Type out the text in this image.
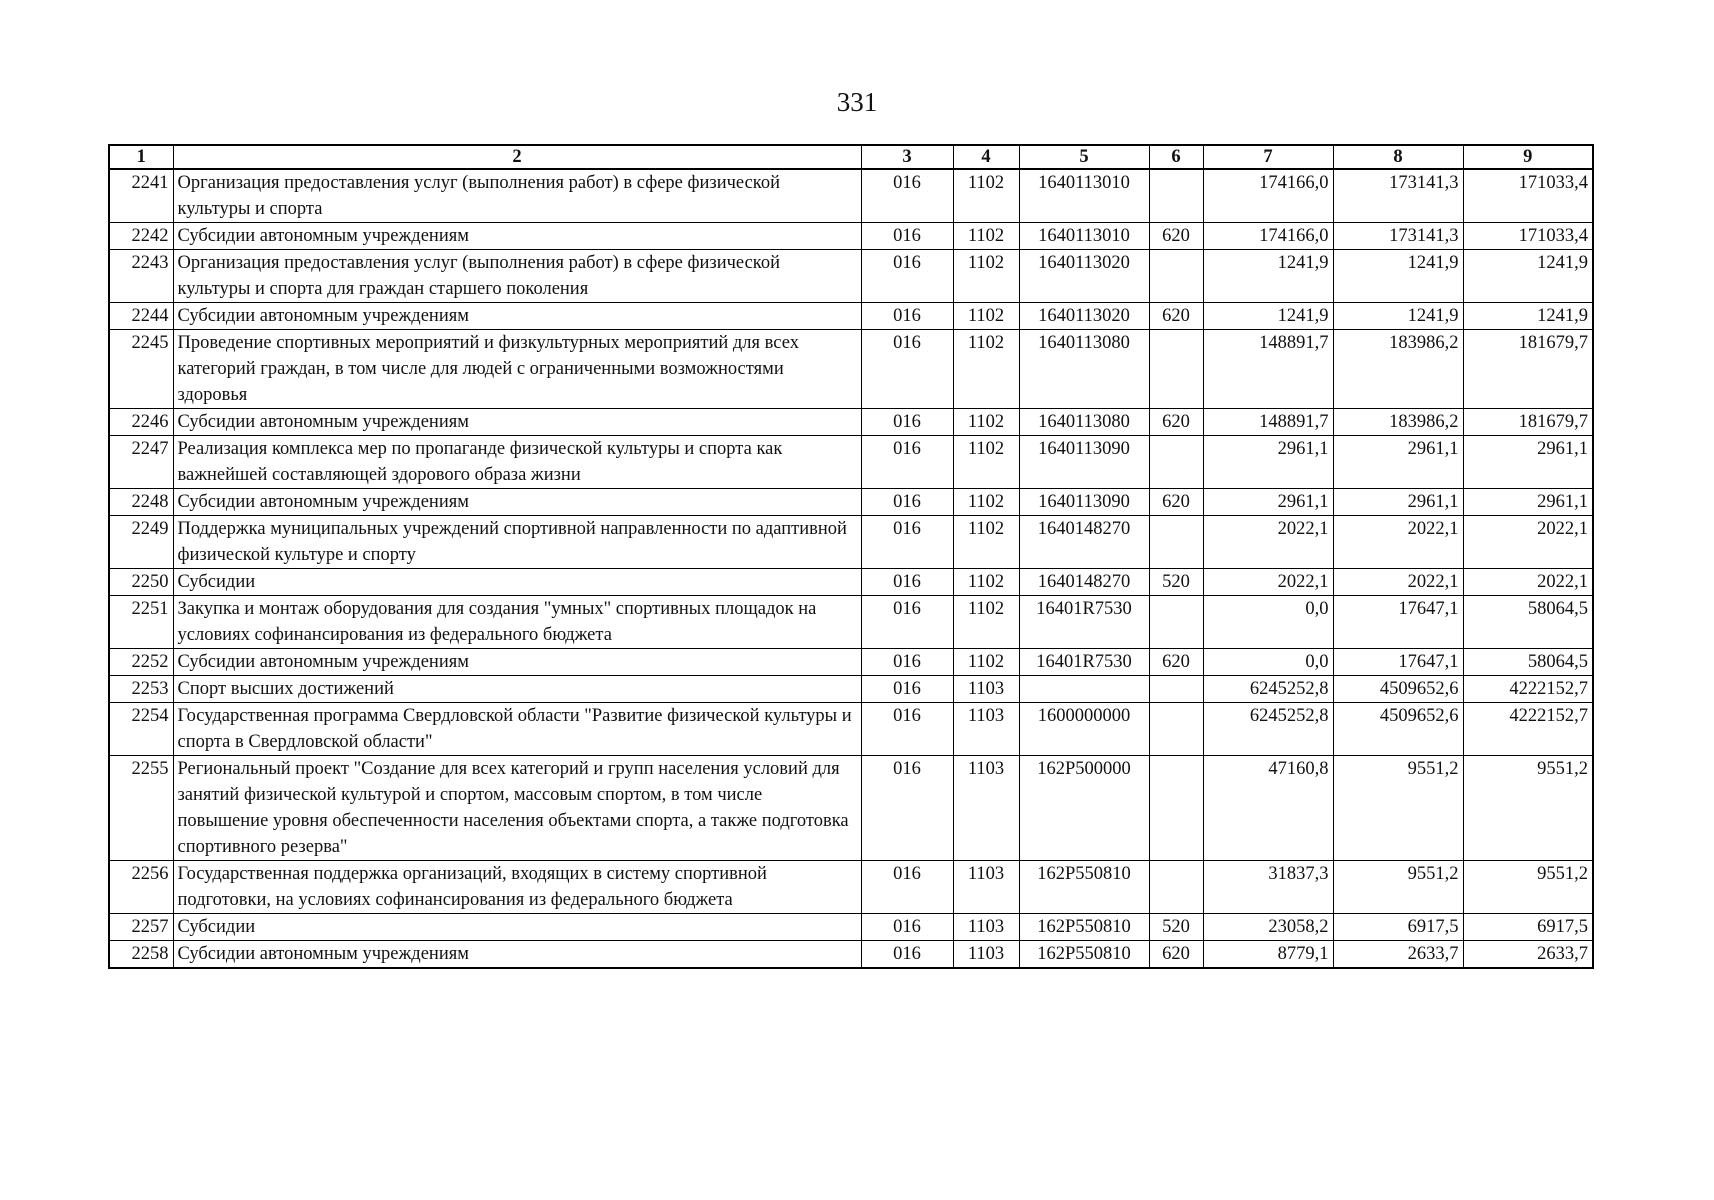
331
1	2	3	4	5	6	7	8	9
2241	Организация предоставления услуг (выполнения работ) в сфере физической культуры и спорта	016	1102	1640113010		174166,0	173141,3	171033,4
2242	Субсидии автономным учреждениям	016	1102	1640113010	620	174166,0	173141,3	171033,4
2243	Организация предоставления услуг (выполнения работ) в сфере физической культуры и спорта для граждан старшего поколения	016	1102	1640113020		1241,9	1241,9	1241,9
2244	Субсидии автономным учреждениям	016	1102	1640113020	620	1241,9	1241,9	1241,9
2245	Проведение спортивных мероприятий и физкультурных мероприятий для всех категорий граждан, в том числе для людей с ограниченными возможностями здоровья	016	1102	1640113080		148891,7	183986,2	181679,7
2246	Субсидии автономным учреждениям	016	1102	1640113080	620	148891,7	183986,2	181679,7
2247	Реализация комплекса мер по пропаганде физической культуры и спорта как важнейшей составляющей здорового образа жизни	016	1102	1640113090		2961,1	2961,1	2961,1
2248	Субсидии автономным учреждениям	016	1102	1640113090	620	2961,1	2961,1	2961,1
2249	Поддержка муниципальных учреждений спортивной направленности по адаптивной физической культуре и спорту	016	1102	1640148270		2022,1	2022,1	2022,1
2250	Субсидии	016	1102	1640148270	520	2022,1	2022,1	2022,1
2251	Закупка и монтаж оборудования для создания "умных" спортивных площадок на условиях софинансирования из федерального бюджета	016	1102	16401R7530		0,0	17647,1	58064,5
2252	Субсидии автономным учреждениям	016	1102	16401R7530	620	0,0	17647,1	58064,5
2253	Спорт высших достижений	016	1103			6245252,8	4509652,6	4222152,7
2254	Государственная программа Свердловской области "Развитие физической культуры и спорта в Свердловской области"	016	1103	1600000000		6245252,8	4509652,6	4222152,7
2255	Региональный проект "Создание для всех категорий и групп населения условий для занятий физической культурой и спортом, массовым спортом, в том числе повышение уровня обеспеченности населения объектами спорта, а также подготовка спортивного резерва"	016	1103	162P500000		47160,8	9551,2	9551,2
2256	Государственная поддержка организаций, входящих в систему спортивной подготовки, на условиях софинансирования из федерального бюджета	016	1103	162P550810		31837,3	9551,2	9551,2
2257	Субсидии	016	1103	162P550810	520	23058,2	6917,5	6917,5
2258	Субсидии автономным учреждениям	016	1103	162P550810	620	8779,1	2633,7	2633,7
